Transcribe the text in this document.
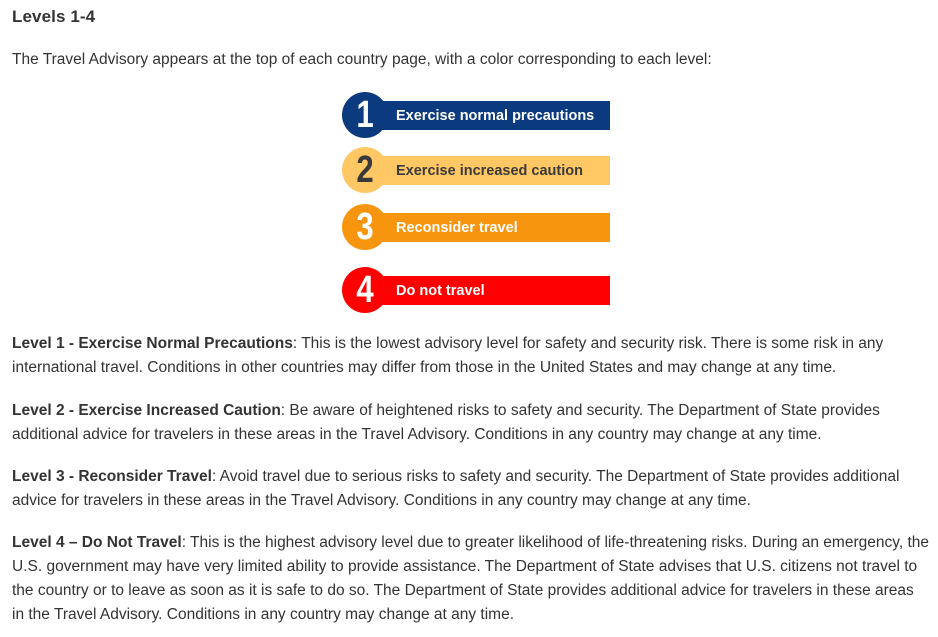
Levels 1-4

The Travel Advisory appears at the top of each country page, with a color corresponding to each level:

Exercise normal precautions
1
Exercise increased caution
2
Reconsider travel
3
Do not travel
4

Level 1 - Exercise Normal Precautions: This is the lowest advisory level for safety and security risk. There is some risk in any international travel. Conditions in other countries may differ from those in the United States and may change at any time.

Level 2 - Exercise Increased Caution: Be aware of heightened risks to safety and security. The Department of State provides additional advice for travelers in these areas in the Travel Advisory. Conditions in any country may change at any time.

Level 3 - Reconsider Travel: Avoid travel due to serious risks to safety and security. The Department of State provides additional advice for travelers in these areas in the Travel Advisory. Conditions in any country may change at any time.

Level 4 – Do Not Travel: This is the highest advisory level due to greater likelihood of life-threatening risks. During an emergency, the U.S. government may have very limited ability to provide assistance. The Department of State advises that U.S. citizens not travel to the country or to leave as soon as it is safe to do so. The Department of State provides additional advice for travelers in these areas in the Travel Advisory. Conditions in any country may change at any time.
